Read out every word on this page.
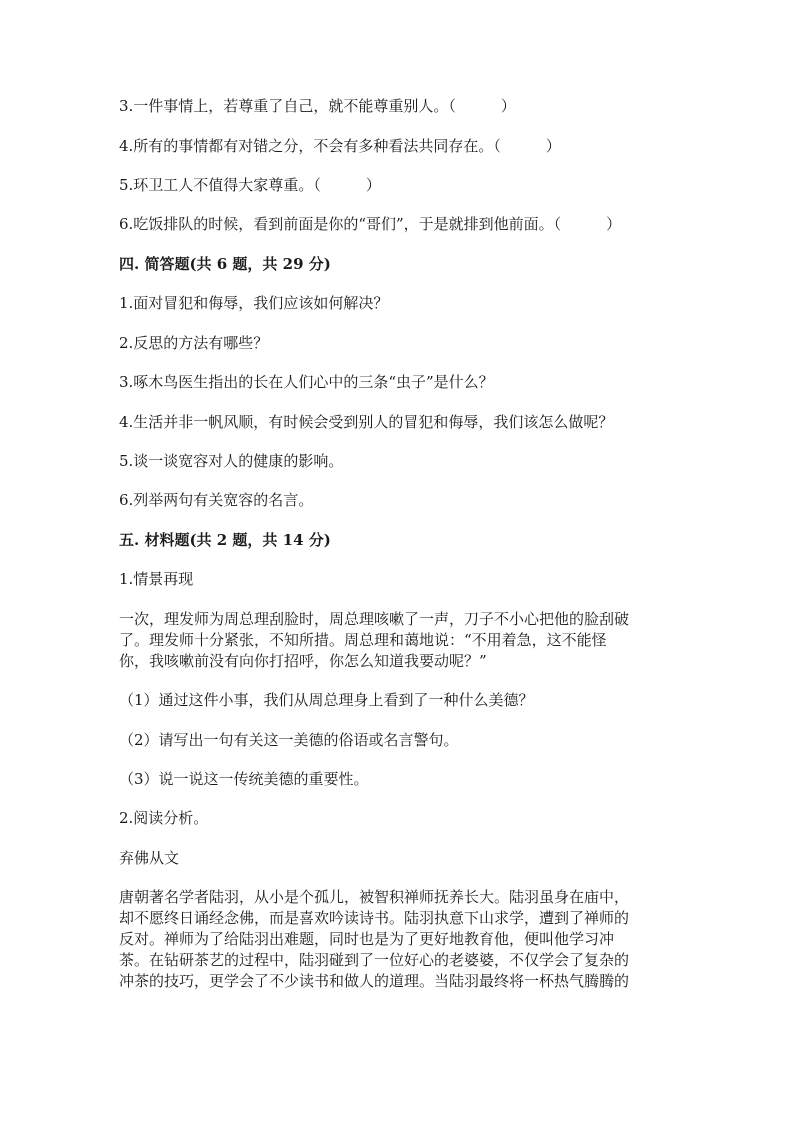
3.一件事情上，若尊重了自己，就不能尊重别人。（　　　）
4.所有的事情都有对错之分，不会有多种看法共同存在。（　　　）
5.环卫工人不值得大家尊重。（　　　）
6.吃饭排队的时候，看到前面是你的“哥们”，于是就排到他前面。（　　　）
四. 简答题(共 6 题，共 29 分)
1.面对冒犯和侮辱，我们应该如何解决？
2.反思的方法有哪些？
3.啄木鸟医生指出的长在人们心中的三条“虫子”是什么？
4.生活并非一帆风顺，有时候会受到别人的冒犯和侮辱，我们该怎么做呢？
5.谈一谈宽容对人的健康的影响。
6.列举两句有关宽容的名言。
五. 材料题(共 2 题，共 14 分)
1.情景再现
一次，理发师为周总理刮脸时，周总理咳嗽了一声，刀子不小心把他的脸刮破
了。理发师十分紧张，不知所措。周总理和蔼地说：“不用着急，这不能怪
你，我咳嗽前没有向你打招呼，你怎么知道我要动呢？”
（1）通过这件小事，我们从周总理身上看到了一种什么美德？
（2）请写出一句有关这一美德的俗语或名言警句。
（3）说一说这一传统美德的重要性。
2.阅读分析。
弃佛从文
唐朝著名学者陆羽，从小是个孤儿，被智积禅师抚养长大。陆羽虽身在庙中，
却不愿终日诵经念佛，而是喜欢吟读诗书。陆羽执意下山求学，遭到了禅师的
反对。禅师为了给陆羽出难题，同时也是为了更好地教育他，便叫他学习冲
茶。在钻研茶艺的过程中，陆羽碰到了一位好心的老婆婆，不仅学会了复杂的
冲茶的技巧，更学会了不少读书和做人的道理。当陆羽最终将一杯热气腾腾的
